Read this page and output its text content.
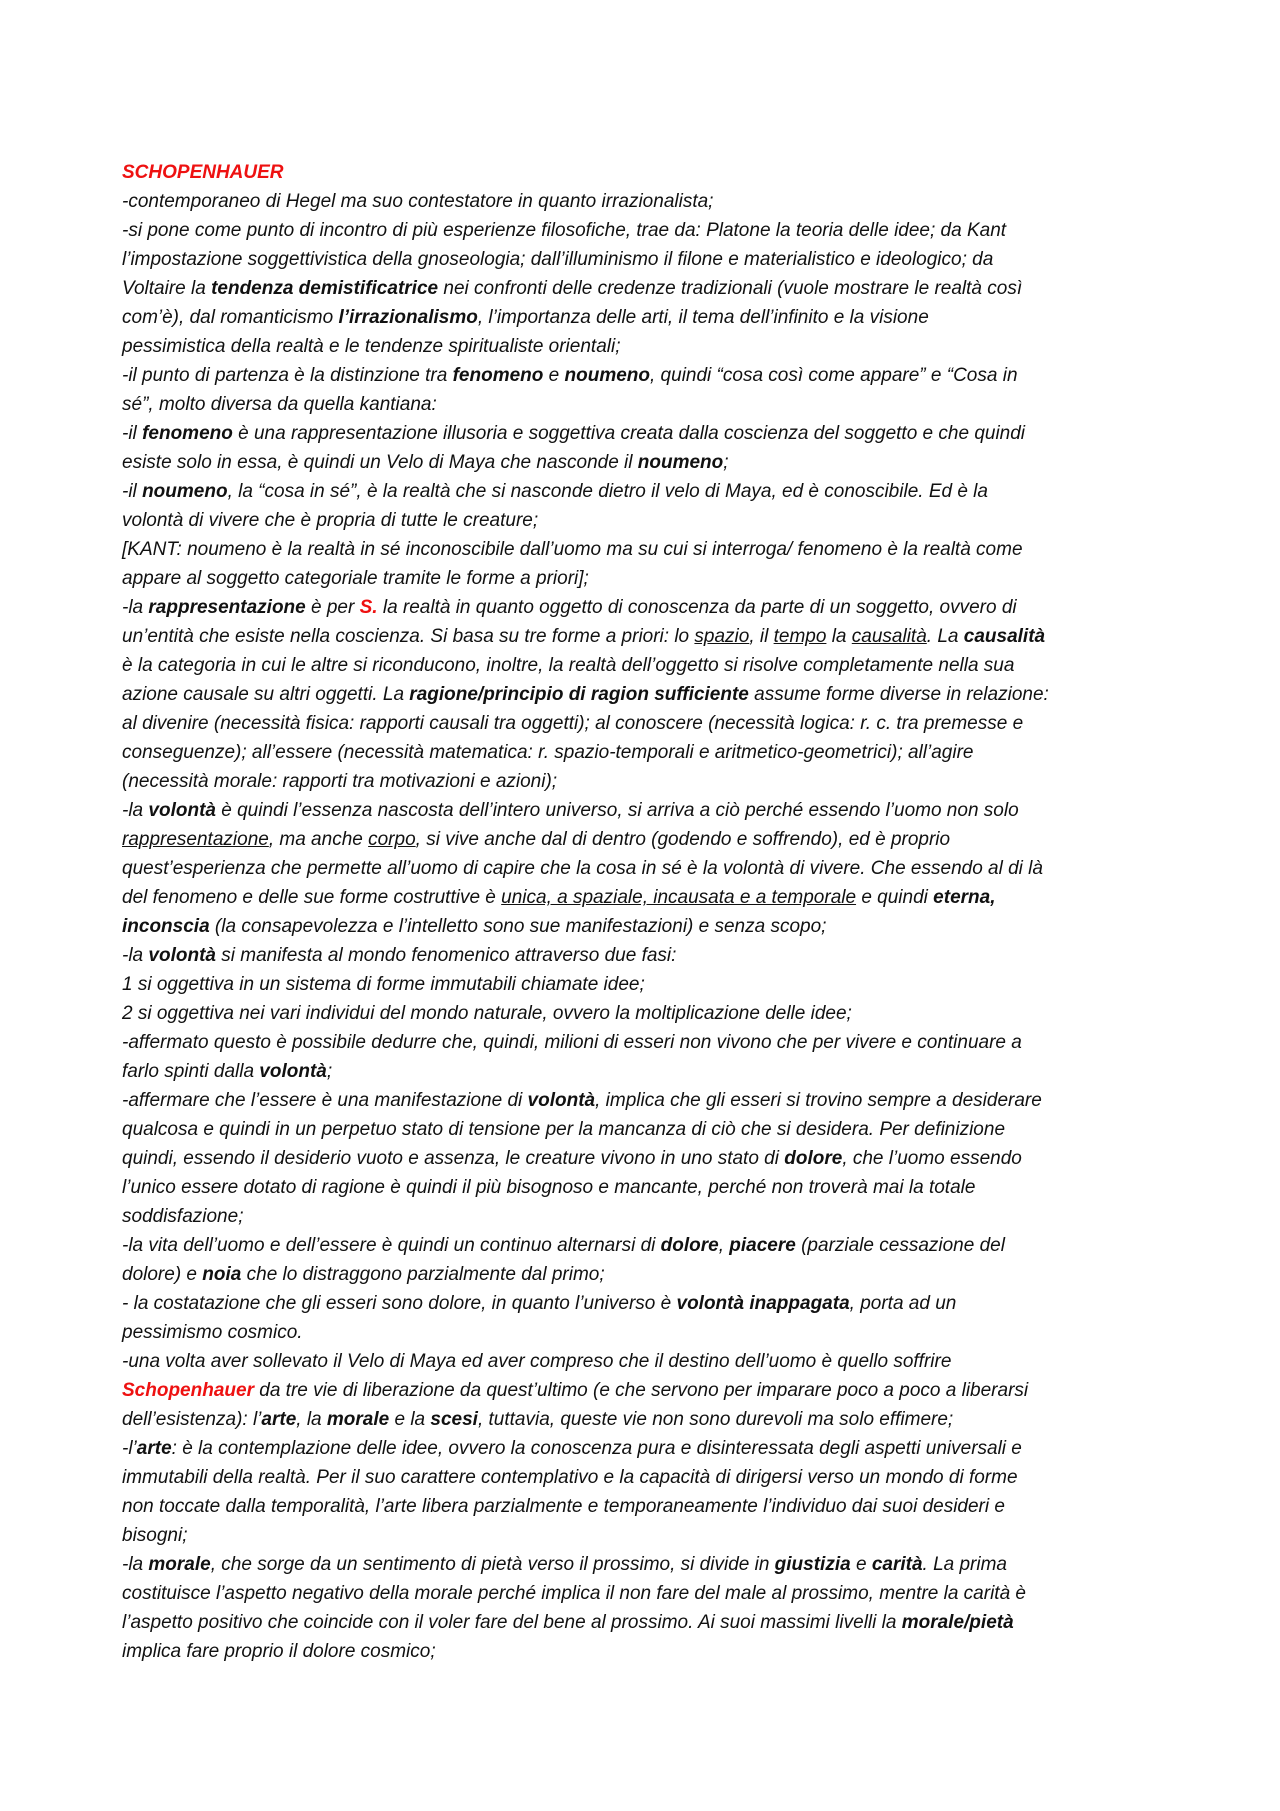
SCHOPENHAUER
-contemporaneo di Hegel ma suo contestatore in quanto irrazionalista;
-si pone come punto di incontro di più esperienze filosofiche, trae da: Platone la teoria delle idee; da Kant
l’impostazione soggettivistica della gnoseologia; dall’illuminismo il filone e materialistico e ideologico; da
Voltaire la tendenza demistificatrice nei confronti delle credenze tradizionali (vuole mostrare le realtà così
com’è), dal romanticismo l’irrazionalismo, l’importanza delle arti, il tema dell’infinito e la visione
pessimistica della realtà e le tendenze spiritualiste orientali;
-il punto di partenza è la distinzione tra fenomeno e noumeno, quindi “cosa così come appare” e “Cosa in
sé”, molto diversa da quella kantiana:
-il fenomeno è una rappresentazione illusoria e soggettiva creata dalla coscienza del soggetto e che quindi
esiste solo in essa, è quindi un Velo di Maya che nasconde il noumeno;
-il noumeno, la “cosa in sé”, è la realtà che si nasconde dietro il velo di Maya, ed è conoscibile. Ed è la
volontà di vivere che è propria di tutte le creature;
[KANT: noumeno è la realtà in sé inconoscibile dall’uomo ma su cui si interroga/ fenomeno è la realtà come
appare al soggetto categoriale tramite le forme a priori];
-la rappresentazione è per S. la realtà in quanto oggetto di conoscenza da parte di un soggetto, ovvero di
un’entità che esiste nella coscienza. Si basa su tre forme a priori: lo spazio, il tempo la causalità. La causalità
è la categoria in cui le altre si riconducono, inoltre, la realtà dell’oggetto si risolve completamente nella sua
azione causale su altri oggetti. La ragione/principio di ragion sufficiente assume forme diverse in relazione:
al divenire (necessità fisica: rapporti causali tra oggetti); al conoscere (necessità logica: r. c. tra premesse e
conseguenze); all’essere (necessità matematica: r. spazio-temporali e aritmetico-geometrici); all’agire
(necessità morale: rapporti tra motivazioni e azioni);
-la volontà è quindi l’essenza nascosta dell’intero universo, si arriva a ciò perché essendo l’uomo non solo
rappresentazione, ma anche corpo, si vive anche dal di dentro (godendo e soffrendo), ed è proprio
quest’esperienza che permette all’uomo di capire che la cosa in sé è la volontà di vivere. Che essendo al di là
del fenomeno e delle sue forme costruttive è unica, a spaziale, incausata e a temporale e quindi eterna,
inconscia (la consapevolezza e l’intelletto sono sue manifestazioni) e senza scopo;
-la volontà si manifesta al mondo fenomenico attraverso due fasi:
1 si oggettiva in un sistema di forme immutabili chiamate idee;
2 si oggettiva nei vari individui del mondo naturale, ovvero la moltiplicazione delle idee;
-affermato questo è possibile dedurre che, quindi, milioni di esseri non vivono che per vivere e continuare a
farlo spinti dalla volontà;
-affermare che l’essere è una manifestazione di volontà, implica che gli esseri si trovino sempre a desiderare
qualcosa e quindi in un perpetuo stato di tensione per la mancanza di ciò che si desidera. Per definizione
quindi, essendo il desiderio vuoto e assenza, le creature vivono in uno stato di dolore, che l’uomo essendo
l’unico essere dotato di ragione è quindi il più bisognoso e mancante, perché non troverà mai la totale
soddisfazione;
-la vita dell’uomo e dell’essere è quindi un continuo alternarsi di dolore, piacere (parziale cessazione del
dolore) e noia che lo distraggono parzialmente dal primo;
- la costatazione che gli esseri sono dolore, in quanto l’universo è volontà inappagata, porta ad un
pessimismo cosmico.
-una volta aver sollevato il Velo di Maya ed aver compreso che il destino dell’uomo è quello soffrire
Schopenhauer da tre vie di liberazione da quest’ultimo (e che servono per imparare poco a poco a liberarsi
dell’esistenza): l’arte, la morale e la scesi, tuttavia, queste vie non sono durevoli ma solo effimere;
-l’arte: è la contemplazione delle idee, ovvero la conoscenza pura e disinteressata degli aspetti universali e
immutabili della realtà. Per il suo carattere contemplativo e la capacità di dirigersi verso un mondo di forme
non toccate dalla temporalità, l’arte libera parzialmente e temporaneamente l’individuo dai suoi desideri e
bisogni;
-la morale, che sorge da un sentimento di pietà verso il prossimo, si divide in giustizia e carità. La prima
costituisce l’aspetto negativo della morale perché implica il non fare del male al prossimo, mentre la carità è
l’aspetto positivo che coincide con il voler fare del bene al prossimo. Ai suoi massimi livelli la morale/pietà
implica fare proprio il dolore cosmico;
